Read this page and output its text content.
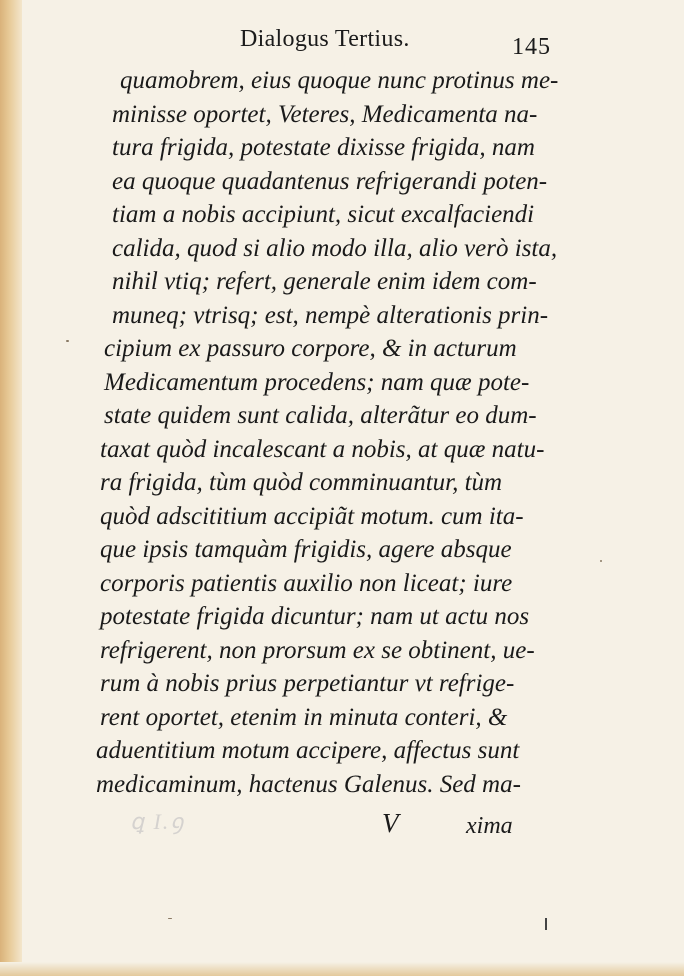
Dialogus Tertius.	145
quamobrem, eius quoque nunc protinus me-
minisse oportet, Veteres, Medicamenta na-
tura frigida, potestate dixisse frigida, nam
ea quoque quadantenus refrigerandi poten-
tiam a nobis accipiunt, sicut excalfaciendi
calida, quod si alio modo illa, alio verò ista,
nihil vtiq; refert, generale enim idem com-
muneq; vtrisq; est, nempè alterationis prin-
cipium ex passuro corpore, & in acturum
Medicamentum procedens; nam quæ pote-
state quidem sunt calida, alterãtur eo dum-
taxat quòd incalescant a nobis, at quæ natu-
ra frigida, tùm quòd comminuantur, tùm
quòd adscititium accipiãt motum. cum ita-
que ipsis tamquàm frigidis, agere absque
corporis patientis auxilio non liceat; iure
potestate frigida dicuntur; nam ut actu nos
refrigerent, non prorsum ex se obtinent, ue-
rum à nobis prius perpetiantur vt refrige-
rent oportet, etenim in minuta conteri, &
aduentitium motum accipere, affectus sunt
medicaminum, hactenus Galenus. Sed ma-
ꝗ I.ꝯ	V	xima
